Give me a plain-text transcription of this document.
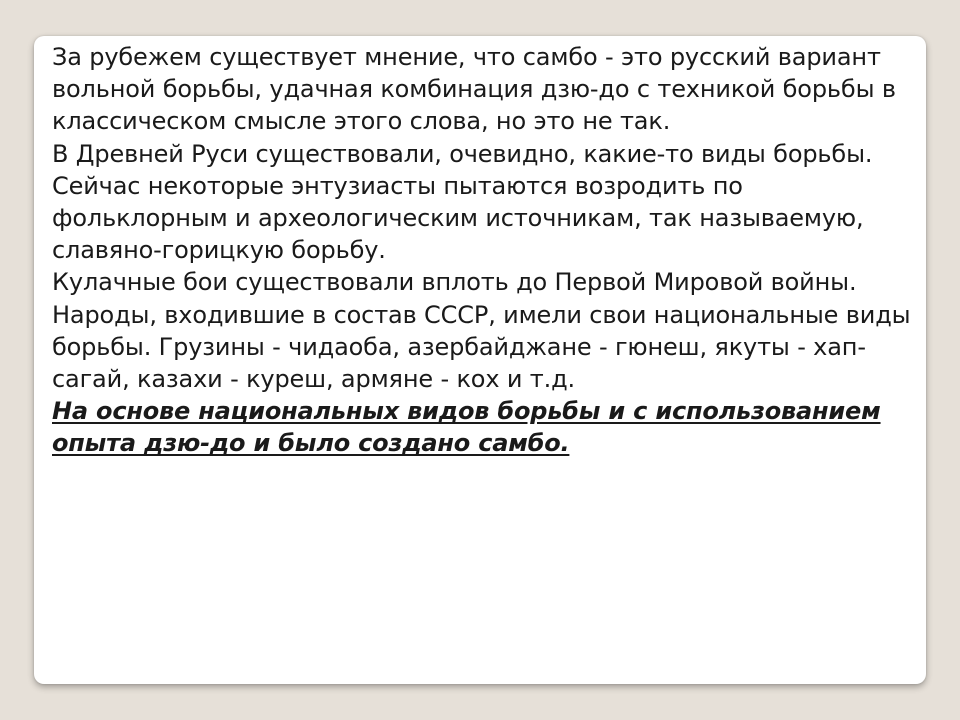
За рубежем существует мнение, что самбо - это русский вариант вольной борьбы, удачная комбинация дзю-до с техникой борьбы в классическом смысле этого слова, но это не так.

В Древней Руси существовали, очевидно, какие-то виды борьбы. Сейчас некоторые энтузиасты пытаются возродить по фольклорным и археологическим источникам, так называемую, славяно-горицкую борьбу.

Кулачные бои существовали вплоть до Первой Мировой войны. Народы, входившие в состав СССР, имели свои национальные виды борьбы. Грузины - чидаоба, азербайджане - гюнеш, якуты - хап-сагай, казахи - куреш, армяне - кох и т.д.

На основе национальных видов борьбы и с использованием опыта дзю-до и было создано самбо.
